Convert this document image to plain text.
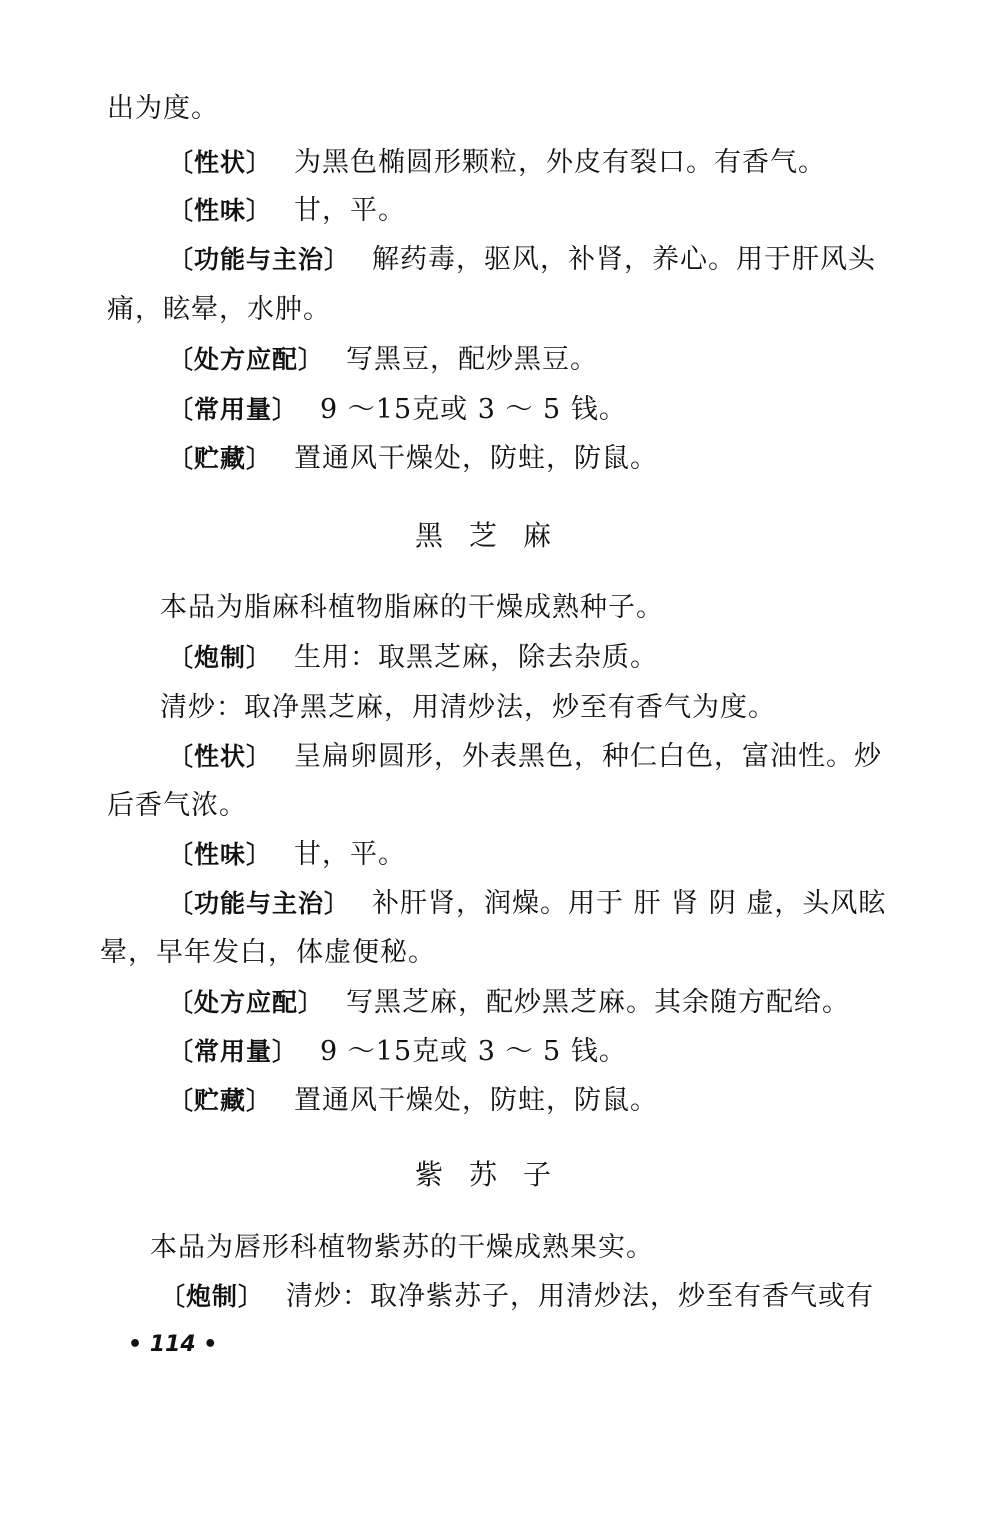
出为度。
〔性状〕 为黑色椭圆形颗粒，外皮有裂口。有香气。
〔性味〕 甘，平。
〔功能与主治〕 解药毒，驱风，补肾，养心。用于肝风头
痛，眩晕，水肿。
〔处方应配〕 写黑豆，配炒黑豆。
〔常用量〕 9 ～15克或 3 ～ 5 钱。
〔贮藏〕 置通风干燥处，防蛀，防鼠。
黑芝麻
本品为脂麻科植物脂麻的干燥成熟种子。
〔炮制〕 生用：取黑芝麻，除去杂质。
清炒：取净黑芝麻，用清炒法，炒至有香气为度。
〔性状〕 呈扁卵圆形，外表黑色，种仁白色，富油性。炒
后香气浓。
〔性味〕 甘，平。
〔功能与主治〕 补肝肾，润燥。用于 肝 肾 阴 虚，头风眩
晕，早年发白，体虚便秘。
〔处方应配〕 写黑芝麻，配炒黑芝麻。其余随方配给。
〔常用量〕 9 ～15克或 3 ～ 5 钱。
〔贮藏〕 置通风干燥处，防蛀，防鼠。
紫苏子
本品为唇形科植物紫苏的干燥成熟果实。
〔炮制〕 清炒：取净紫苏子，用清炒法，炒至有香气或有
• 114 •
